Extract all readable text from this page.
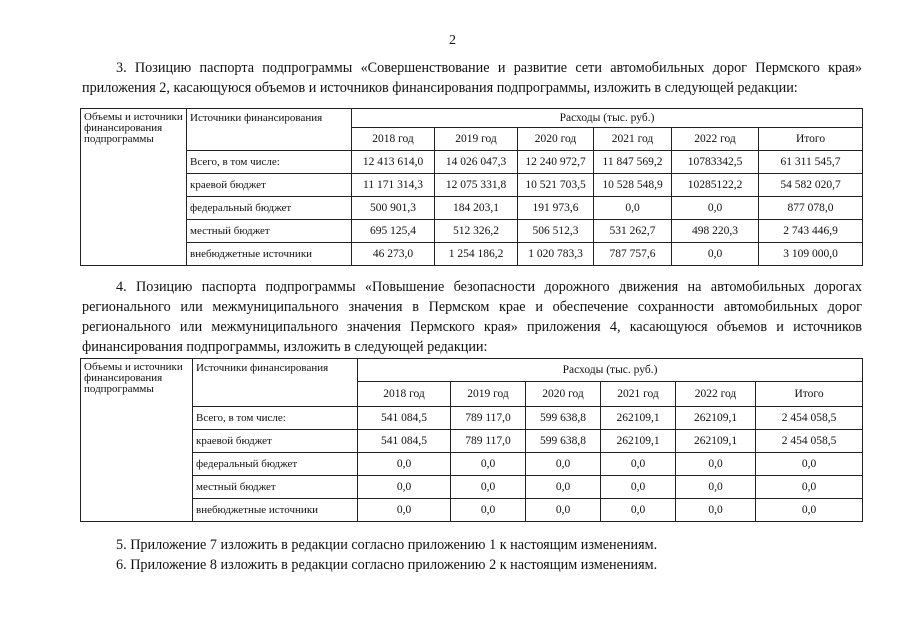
2
3. Позицию паспорта подпрограммы «Совершенствование и развитие сети автомобильных дорог Пермского края» приложения 2, касающуюся объемов и источников финансирования подпрограммы, изложить в следующей редакции:
Объемы и источники финансирования подпрограммы	Источники финансирования	Расходы (тыс. руб.)					
		2018 год	2019 год	2020 год	2021 год	2022 год	Итого
	Всего, в том числе:	12 413 614,0	14 026 047,3	12 240 972,7	11 847 569,2	10783342,5	61 311 545,7
	краевой бюджет	11 171 314,3	12 075 331,8	10 521 703,5	10 528 548,9	10285122,2	54 582 020,7
	федеральный бюджет	500 901,3	184 203,1	191 973,6	0,0	0,0	877 078,0
	местный бюджет	695 125,4	512 326,2	506 512,3	531 262,7	498 220,3	2 743 446,9
	внебюджетные источники	46 273,0	1 254 186,2	1 020 783,3	787 757,6	0,0	3 109 000,0
4. Позицию паспорта подпрограммы «Повышение безопасности дорожного движения на автомобильных дорогах регионального или межмуниципального значения в Пермском крае и обеспечение сохранности автомобильных дорог регионального или межмуниципального значения Пермского края» приложения 4, касающуюся объемов и источников финансирования подпрограммы, изложить в следующей редакции:
Объемы и источники финансирования подпрограммы	Источники финансирования	Расходы (тыс. руб.)					
		2018 год	2019 год	2020 год	2021 год	2022 год	Итого
	Всего, в том числе:	541 084,5	789 117,0	599 638,8	262109,1	262109,1	2 454 058,5
	краевой бюджет	541 084,5	789 117,0	599 638,8	262109,1	262109,1	2 454 058,5
	федеральный бюджет	0,0	0,0	0,0	0,0	0,0	0,0
	местный бюджет	0,0	0,0	0,0	0,0	0,0	0,0
	внебюджетные источники	0,0	0,0	0,0	0,0	0,0	0,0
5. Приложение 7 изложить в редакции согласно приложению 1 к настоящим изменениям.
6. Приложение 8 изложить в редакции согласно приложению 2 к настоящим изменениям.
